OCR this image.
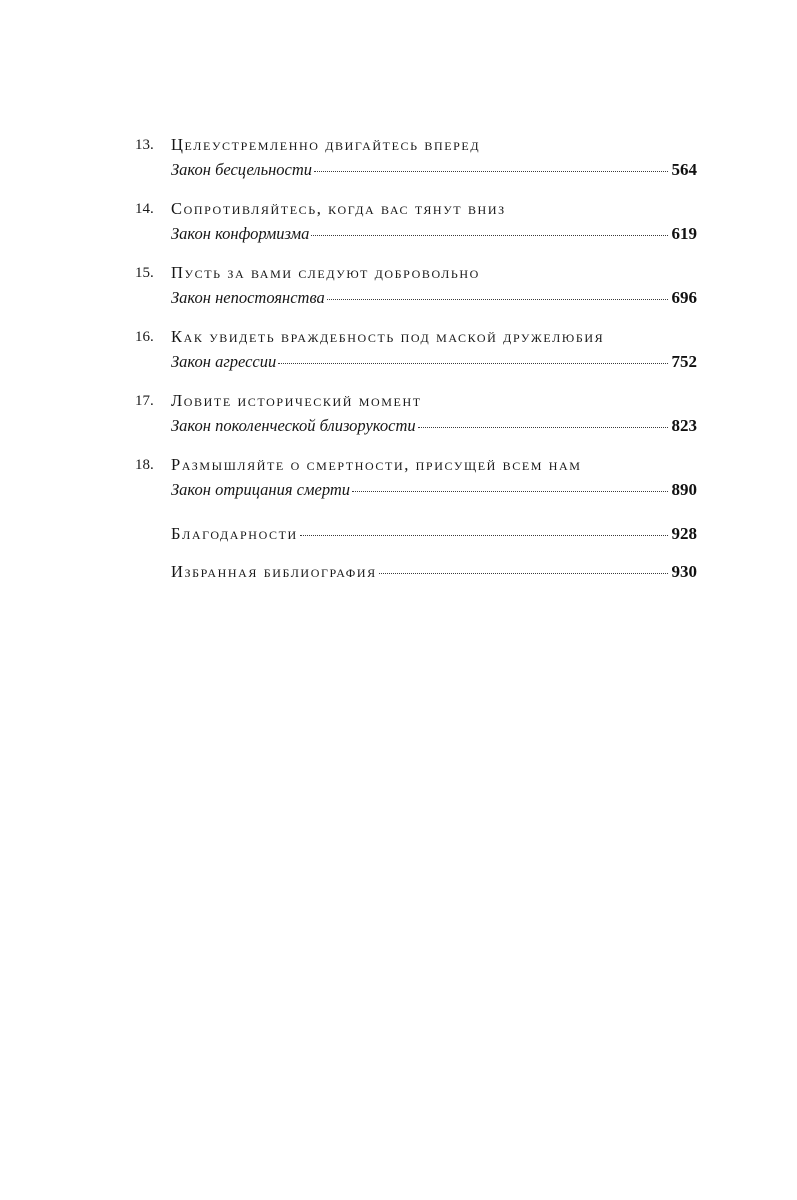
13. Целеустремленно двигайтесь вперед
Закон бесцельности	564
14. Сопротивляйтесь, когда вас тянут вниз
Закон конформизма	619
15. Пусть за вами следуют добровольно
Закон непостоянства	696
16. Как увидеть враждебность под маской дружелюбия
Закон агрессии	752
17. Ловите исторический момент
Закон поколенческой близорукости	823
18. Размышляйте о смертности, присущей всем нам
Закон отрицания смерти	890
Благодарности	928
Избранная библиография	930
